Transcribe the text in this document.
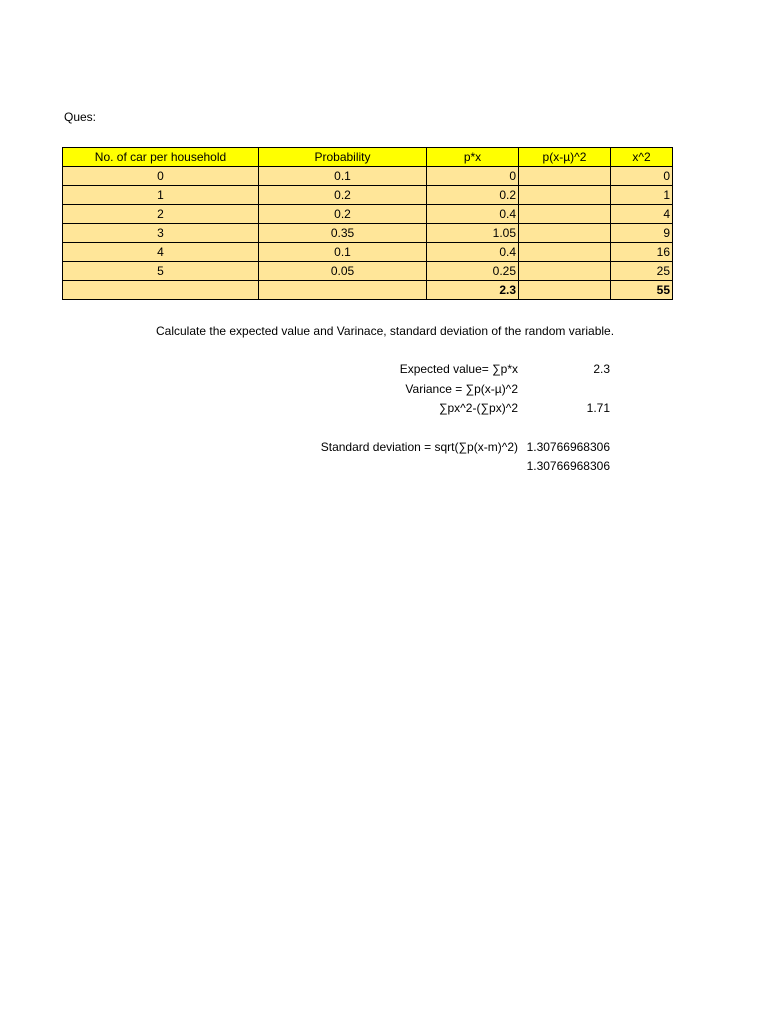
Ques:
No. of car per household	Probability	p*x	p(x-µ)^2	x^2
0	0.1	0		0
1	0.2	0.2		1
2	0.2	0.4		4
3	0.35	1.05		9
4	0.1	0.4		16
5	0.05	0.25		25
		2.3		55
Calculate the expected value and Varinace, standard deviation of the random variable.
Expected value= ∑p*x	2.3
Variance = ∑p(x-µ)^2
∑px^2-(∑px)^2	1.71
Standard deviation = sqrt(∑p(x-m)^2) 1.30766968306
1.30766968306
